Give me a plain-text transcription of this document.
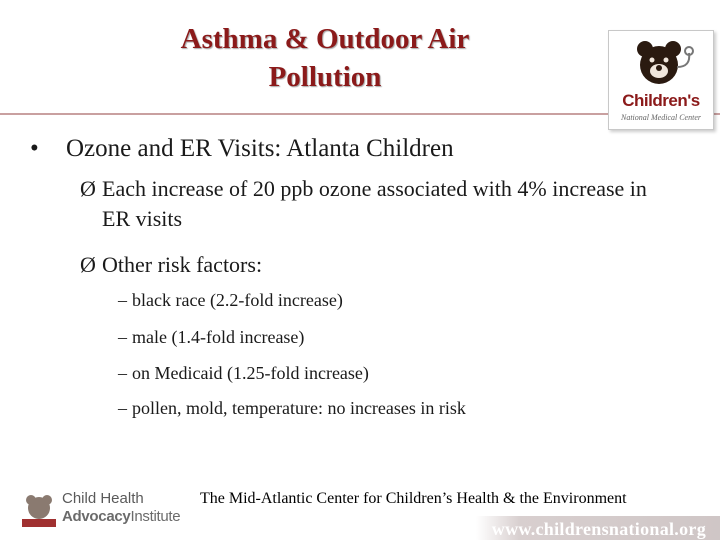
Asthma & Outdoor Air
Pollution
Children's
National Medical Center
• Ozone and ER Visits: Atlanta Children
Ø Each increase of 20 ppb ozone associated with 4% increase in ER visits
Ø Other risk factors:
– black race (2.2-fold increase)
– male (1.4-fold increase)
– on Medicaid (1.25-fold increase)
– pollen, mold, temperature: no increases in risk
Child Health
AdvocacyInstitute
The Mid-Atlantic Center for Children’s Health & the Environment
www.childrensnational.org
